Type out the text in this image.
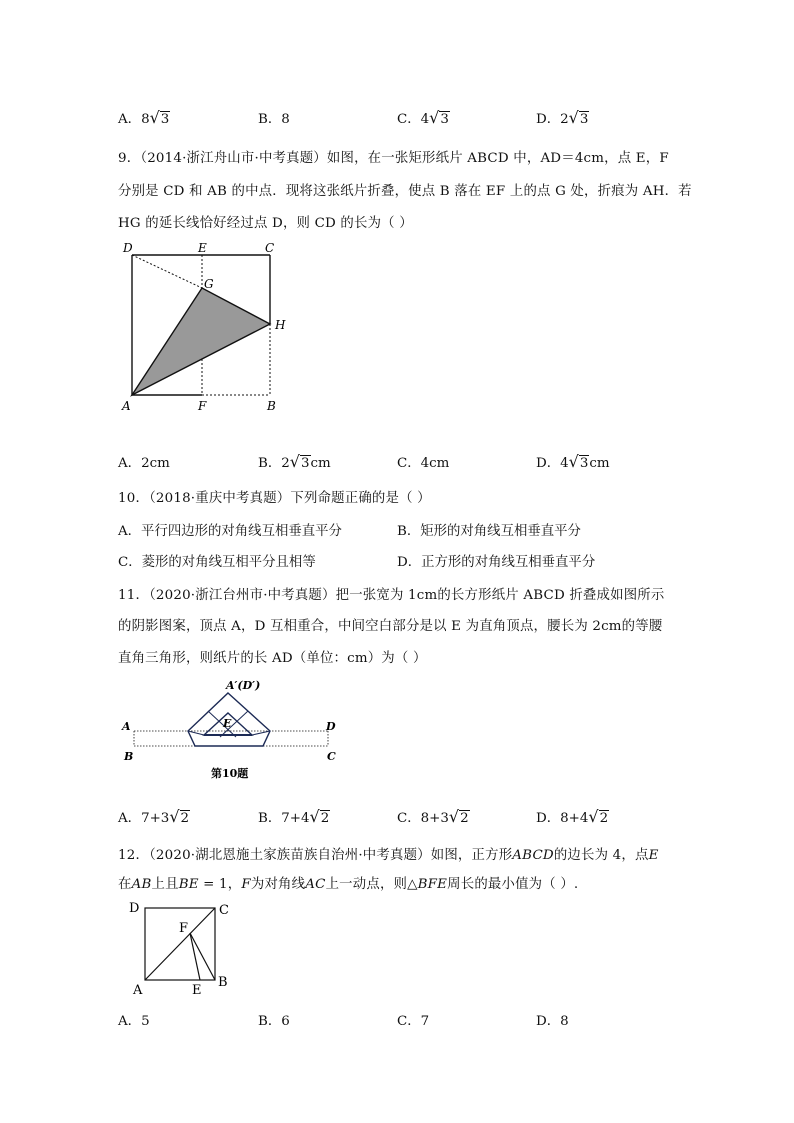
A．8√3	B．8	C．4√3	D．2√3
9．（2014·浙江舟山市·中考真题）如图，在一张矩形纸片 ABCD 中，AD＝4cm，点 E，F
分别是 CD 和 AB 的中点．现将这张纸片折叠，使点 B 落在 EF 上的点 G 处，折痕为 AH．若
HG 的延长线恰好经过点 D，则 CD 的长为（ ）
D	E	C
G
H
A	F	B
A．2cm	B．2√3cm	C．4cm	D．4√3cm
10．（2018·重庆中考真题）下列命题正确的是（ ）
A．平行四边形的对角线互相垂直平分	B．矩形的对角线互相垂直平分
C．菱形的对角线互相平分且相等	D．正方形的对角线互相垂直平分
11．（2020·浙江台州市·中考真题）把一张宽为 1cm的长方形纸片 ABCD 折叠成如图所示
的阴影图案，顶点 A，D 互相重合，中间空白部分是以 E 为直角顶点，腰长为 2cm的等腰
直角三角形，则纸片的长 AD（单位：cm）为（ ）
A′(D′)
E
A	D
B	C
第10题
A．7+3√2	B．7+4√2	C．8+3√2	D．8+4√2
12．（2020·湖北恩施土家族苗族自治州·中考真题）如图，正方形ABCD的边长为 4，点E
在AB上且BE = 1，F为对角线AC上一动点，则△BFE周长的最小值为（ ）.
D	C
F
A	E
B
A．5	B．6	C．7	D．8
